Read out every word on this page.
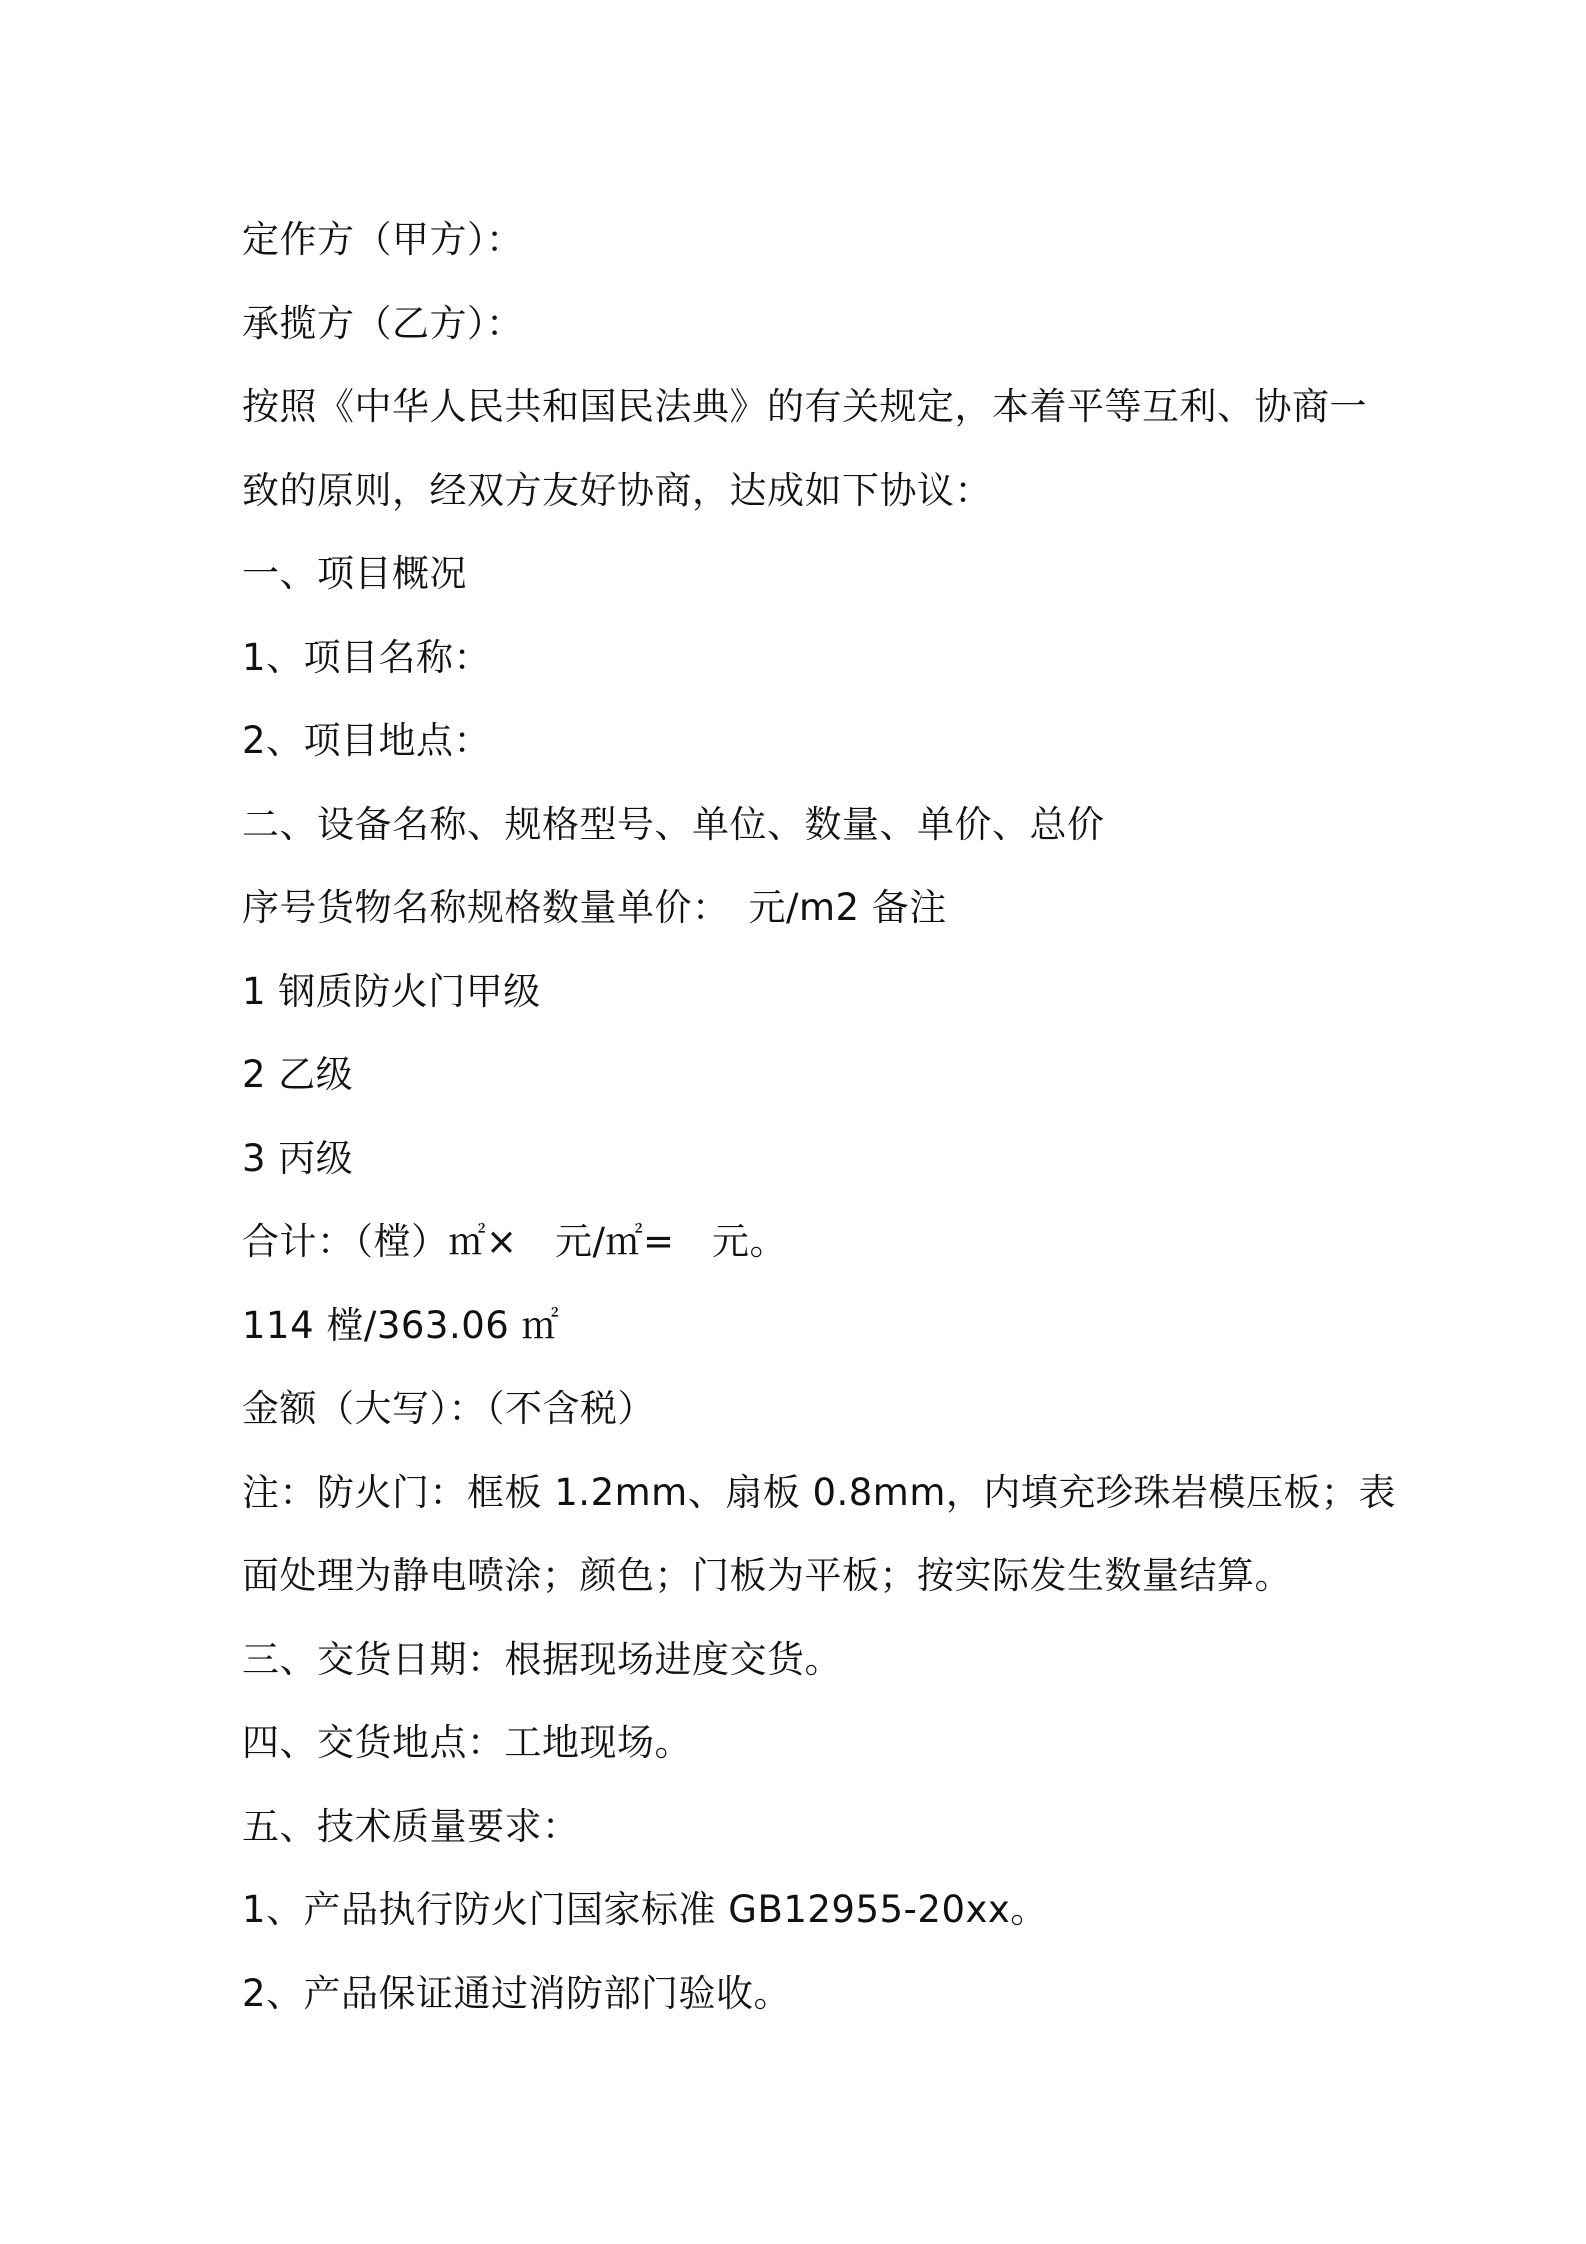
定作方（甲方）：
承揽方（乙方）：
按照《中华人民共和国民法典》的有关规定，本着平等互利、协商一
致的原则，经双方友好协商，达成如下协议：
一、项目概况
1、项目名称：
2、项目地点：
二、设备名称、规格型号、单位、数量、单价、总价
序号货物名称规格数量单价：　元/m2 备注
1 钢质防火门甲级
2 乙级
3 丙级
合计：（樘）㎡×　元/㎡=　元。
114 樘/363.06 ㎡
金额（大写）：（不含税）
注：防火门：框板 1.2mm、扇板 0.8mm，内填充珍珠岩模压板；表
面处理为静电喷涂；颜色；门板为平板；按实际发生数量结算。
三、交货日期：根据现场进度交货。
四、交货地点：工地现场。
五、技术质量要求：
1、产品执行防火门国家标准 GB12955-20xx。
2、产品保证通过消防部门验收。
